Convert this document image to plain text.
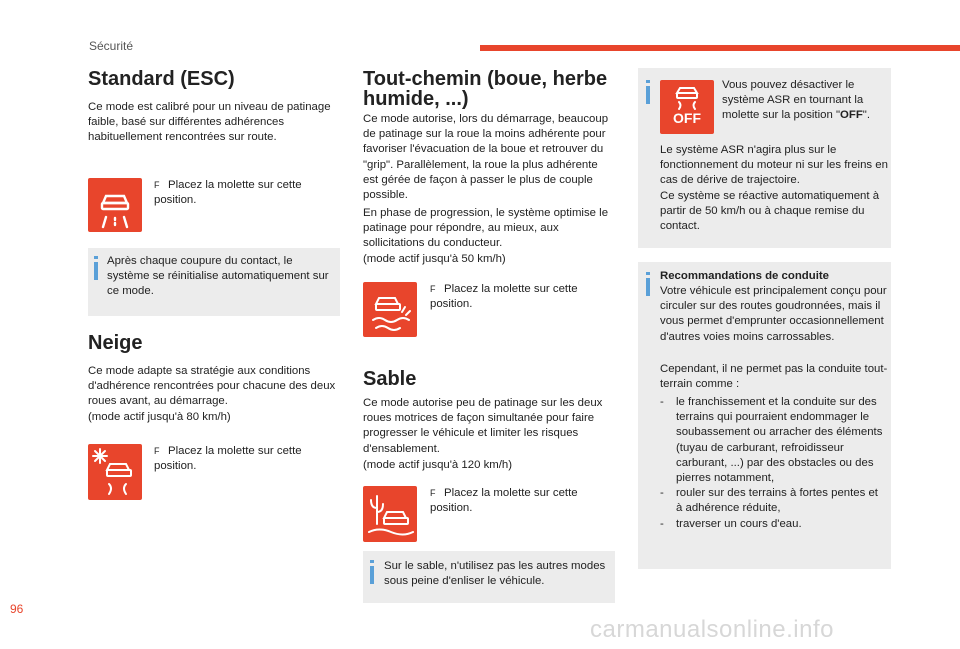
Sécurité
Standard (ESC)
Ce mode est calibré pour un niveau de patinage faible, basé sur différentes adhérences habituellement rencontrées sur route.
F Placez la molette sur cette position.
Après chaque coupure du contact, le système se réinitialise automatiquement sur ce mode.
Neige
Ce mode adapte sa stratégie aux conditions d'adhérence rencontrées pour chacune des deux roues avant, au démarrage.
(mode actif jusqu'à 80 km/h)
F Placez la molette sur cette position.
Tout-chemin (boue, herbe
humide, ...)
Ce mode autorise, lors du démarrage, beaucoup de patinage sur la roue la moins adhérente pour favoriser l'évacuation de la boue et retrouver du "grip". Parallèlement, la roue la plus adhérente est gérée de façon à passer le plus de couple possible.
En phase de progression, le système optimise le patinage pour répondre, au mieux, aux sollicitations du conducteur.
(mode actif jusqu'à 50 km/h)
F Placez la molette sur cette position.
Sable
Ce mode autorise peu de patinage sur les deux roues motrices de façon simultanée pour faire progresser le véhicule et limiter les risques d'ensablement.
(mode actif jusqu'à 120 km/h)
F Placez la molette sur cette position.
Sur le sable, n'utilisez pas les autres modes sous peine d'enliser le véhicule.
OFF
Vous pouvez désactiver le système ASR en tournant la molette sur la position "OFF".
Le système ASR n'agira plus sur le fonctionnement du moteur ni sur les freins en cas de dérive de trajectoire.
Ce système se réactive automatiquement à partir de 50 km/h ou à chaque remise du contact.
Recommandations de conduite
Votre véhicule est principalement conçu pour circuler sur des routes goudronnées, mais il vous permet d'emprunter occasionnellement d'autres voies moins carrossables.
Cependant, il ne permet pas la conduite tout-terrain comme :
- le franchissement et la conduite sur des terrains qui pourraient endommager le soubassement ou arracher des éléments (tuyau de carburant, refroidisseur carburant, ...) par des obstacles ou des pierres notamment,
- rouler sur des terrains à fortes pentes et à adhérence réduite,
- traverser un cours d'eau.
96
carmanualsonline.info
